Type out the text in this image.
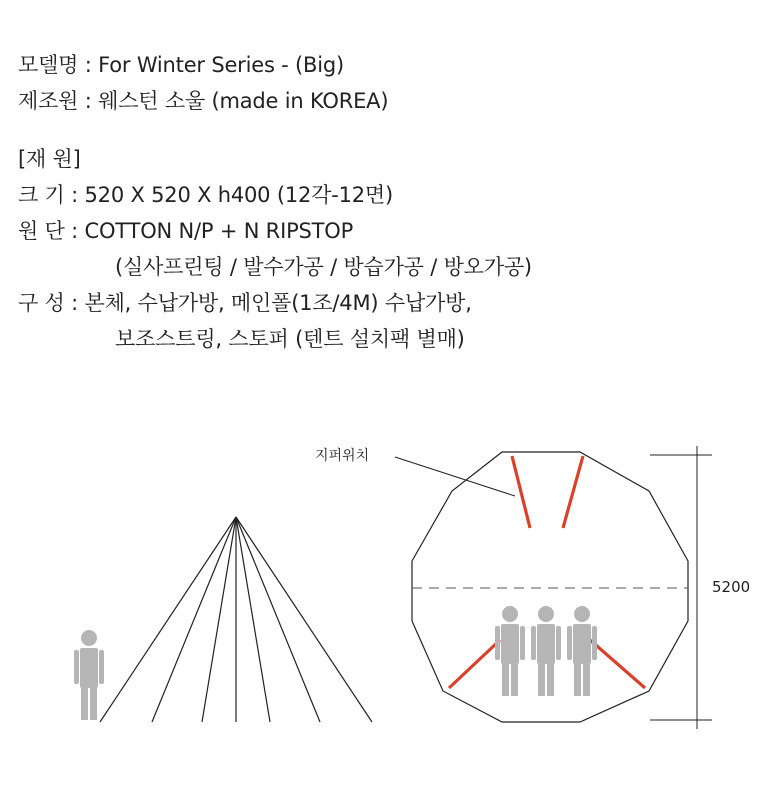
모델명 : For Winter Series - (Big)
제조원 : 웨스턴 소울 (made in KOREA)
[재 원]
크 기 : 520 X 520 X h400 (12각-12면)
원 단 : COTTON N/P + N RIPSTOP
(실사프린팅 / 발수가공 / 방습가공 / 방오가공)
구 성 : 본체, 수납가방, 메인폴(1조/4M) 수납가방,
보조스트링, 스토퍼 (텐트 설치팩 별매)
지퍼위치
5200
